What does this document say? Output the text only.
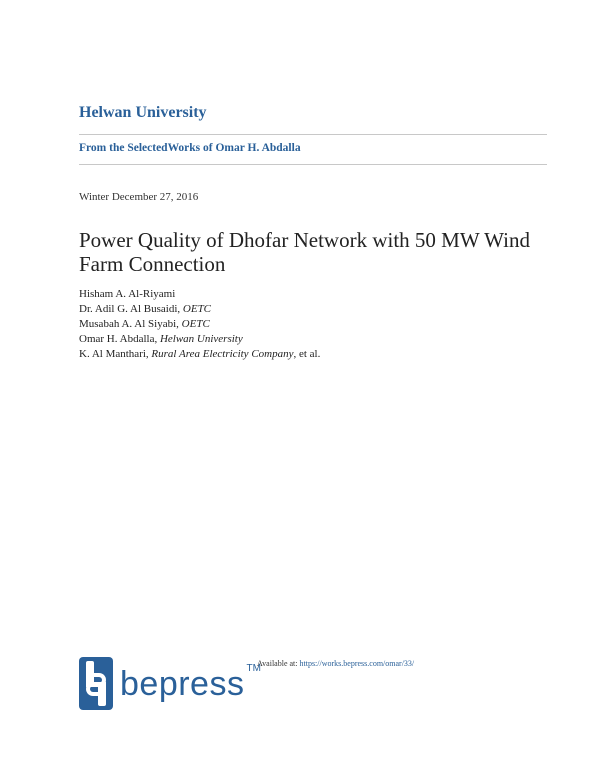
Helwan University
From the SelectedWorks of Omar H. Abdalla
Winter December 27, 2016
Power Quality of Dhofar Network with 50 MW Wind Farm Connection
Hisham A. Al-Riyami
Dr. Adil G. Al Busaidi, OETC
Musabah A. Al Siyabi, OETC
Omar H. Abdalla, Helwan University
K. Al Manthari, Rural Area Electricity Company, et al.
bepress TM
Available at: https://works.bepress.com/omar/33/
